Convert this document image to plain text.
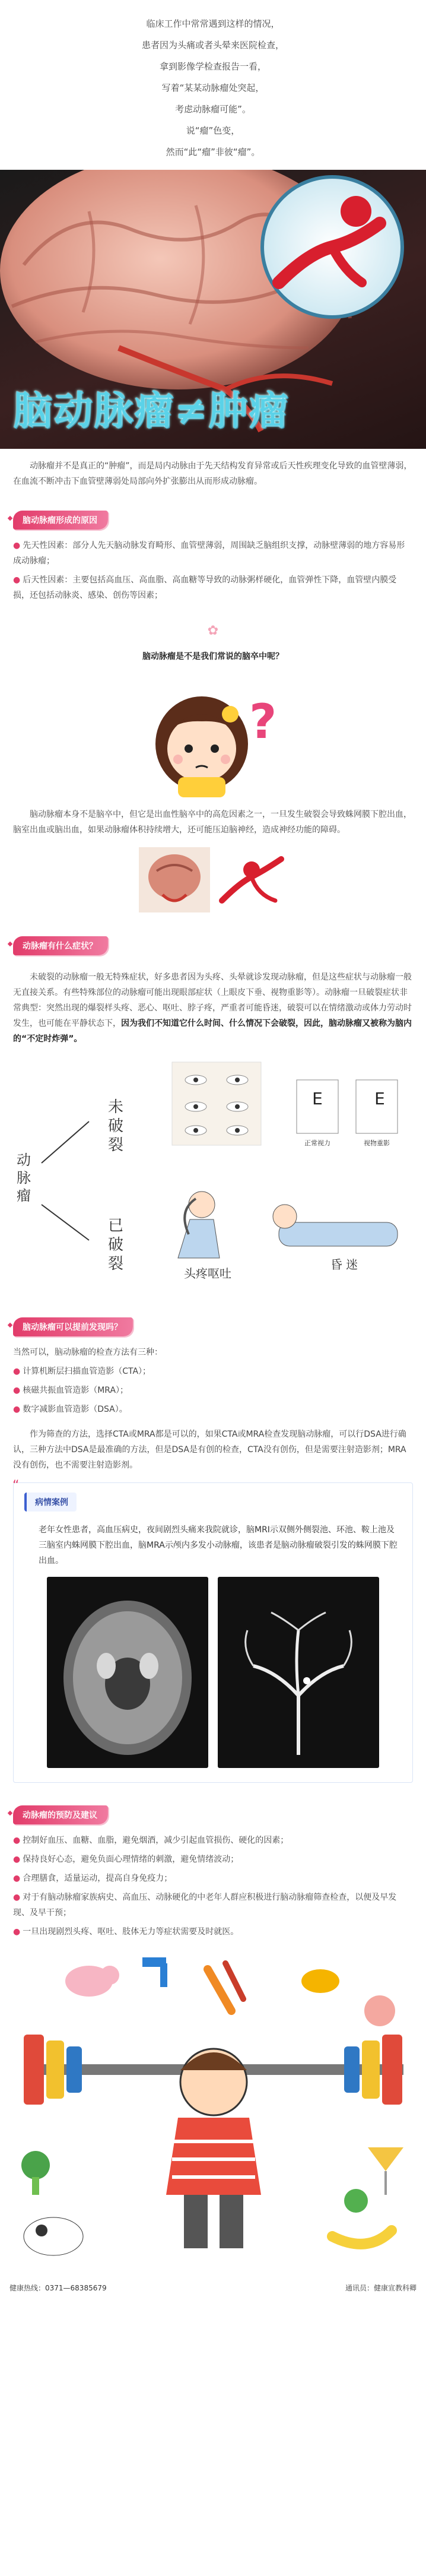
临床工作中常常遇到这样的情况，

患者因为头痛或者头晕来医院检查，

拿到影像学检查报告一看，

写着“某某动脉瘤处突起，

考虑动脉瘤可能”。

说“瘤”色变，

然而“此“瘤”非彼“瘤”。

脑动脉瘤≠肿瘤

动脉瘤并不是真正的“肿瘤”，而是局内动脉由于先天结构发育异常或后天性疾理变化导致的血管壁薄弱，在血流不断冲击下血管壁薄弱处局部向外扩张膨出从而形成动脉瘤。

脑动脉瘤形成的原因

● 先天性因素：部分人先天脑动脉发育畸形、血管壁薄弱，周围缺乏脑组织支撑，动脉壁薄弱的地方容易形成动脉瘤；

● 后天性因素：主要包括高血压、高血脂、高血糖等导致的动脉粥样硬化，血管弹性下降，血管壁内膜受损，还包括动脉炎、感染、创伤等因素；

✿

脑动脉瘤是不是我们常说的脑卒中呢？

?

脑动脉瘤本身不是脑卒中，但它是出血性脑卒中的高危因素之一，一旦发生破裂会导致蛛网膜下腔出血，脑室出血或脑出血，如果动脉瘤体积持续增大，还可能压迫脑神经，造成神经功能的障碍。

动脉瘤有什么症状？

未破裂的动脉瘤一般无特殊症状，好多患者因为头疼、头晕就诊发现动脉瘤，但是这些症状与动脉瘤一般无直接关系。有些特殊部位的动脉瘤可能出现眼部症状（上眼皮下垂、视物重影等）。动脉瘤一旦破裂症状非常典型：突然出现的爆裂样头疼、恶心、呕吐、脖子疼，严重者可能昏迷，破裂可以在情绪激动或体力劳动时发生，也可能在平静状态下，因为我们不知道它什么时间、什么情况下会破裂，因此，脑动脉瘤又被称为脑内的“不定时炸弹”。

动脉瘤
未破裂
已破裂
E	E
正常视力	视物重影
头疼呕吐
昏 迷
脑动脉瘤可以提前发现吗？

当然可以，脑动脉瘤的检查方法有三种：

● 计算机断层扫描血管造影（CTA）；

● 核磁共振血管造影（MRA）；

● 数字减影血管造影（DSA）。

作为筛查的方法，选择CTA或MRA都是可以的，如果CTA或MRA检查发现脑动脉瘤，可以行DSA进行确认，三种方法中DSA是最准确的方法，但是DSA是有创的检查，CTA没有创伤，但是需要注射造影剂；MRA没有创伤，也不需要注射造影剂。

“
病情案例

老年女性患者，高血压病史，夜间剧烈头痛来我院就诊，脑MRI示双侧外侧裂池、环池、鞍上池及三脑室内蛛网膜下腔出血，脑MRA示颅内多发小动脉瘤，该患者是脑动脉瘤破裂引发的蛛网膜下腔出血。

动脉瘤的预防及建议

● 控制好血压、血糖、血脂，避免烟酒，减少引起血管损伤、硬化的因素；

● 保持良好心态，避免负面心理情绪的刺激，避免情绪波动；

● 合理膳食，适量运动，提高自身免疫力；

● 对于有脑动脉瘤家族病史、高血压、动脉硬化的中老年人群应积极进行脑动脉瘤筛查检查，以便及早发现、及早干预；

● 一旦出现剧烈头疼、呕吐、肢体无力等症状需要及时就医。

健康热线：0371—68385679	通讯员：健康宣教科卿
